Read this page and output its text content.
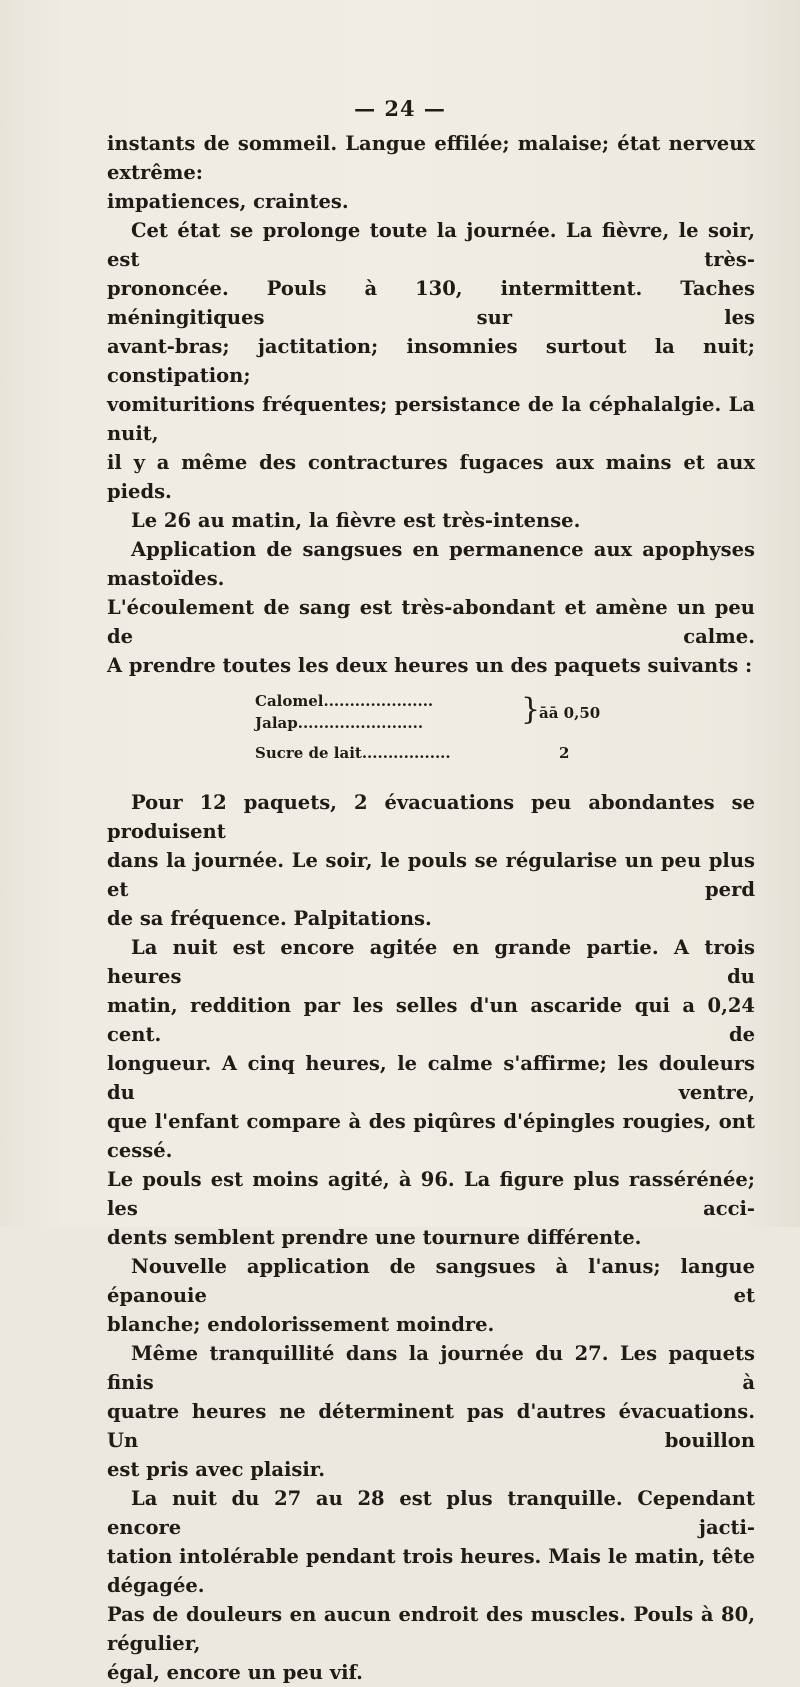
— 24 —

instants de sommeil. Langue effilée; malaise; état nerveux extrême:

impatiences, craintes.

Cet état se prolonge toute la journée. La fièvre, le soir, est très-

prononcée. Pouls à 130, intermittent. Taches méningitiques sur les

avant-bras; jactitation; insomnies surtout la nuit; constipation;

vomituritions fréquentes; persistance de la céphalalgie. La nuit,

il y a même des contractures fugaces aux mains et aux pieds.

Le 26 au matin, la fièvre est très-intense.

Application de sangsues en permanence aux apophyses mastoïdes.

L'écoulement de sang est très-abondant et amène un peu de calme.

A prendre toutes les deux heures un des paquets suivants :

Calomel.....................
Jalap........................	}
āā 0,50
Sucre de lait.................	2

Pour 12 paquets, 2 évacuations peu abondantes se produisent

dans la journée. Le soir, le pouls se régularise un peu plus et perd

de sa fréquence. Palpitations.

La nuit est encore agitée en grande partie. A trois heures du

matin, reddition par les selles d'un ascaride qui a 0,24 cent. de

longueur. A cinq heures, le calme s'affirme; les douleurs du ventre,

que l'enfant compare à des piqûres d'épingles rougies, ont cessé.

Le pouls est moins agité, à 96. La figure plus rassérénée; les acci-

dents semblent prendre une tournure différente.

Nouvelle application de sangsues à l'anus; langue épanouie et

blanche; endolorissement moindre.

Même tranquillité dans la journée du 27. Les paquets finis à

quatre heures ne déterminent pas d'autres évacuations. Un bouillon

est pris avec plaisir.

La nuit du 27 au 28 est plus tranquille. Cependant encore jacti-

tation intolérable pendant trois heures. Mais le matin, tête dégagée.

Pas de douleurs en aucun endroit des muscles. Pouls à 80, régulier,

égal, encore un peu vif.
